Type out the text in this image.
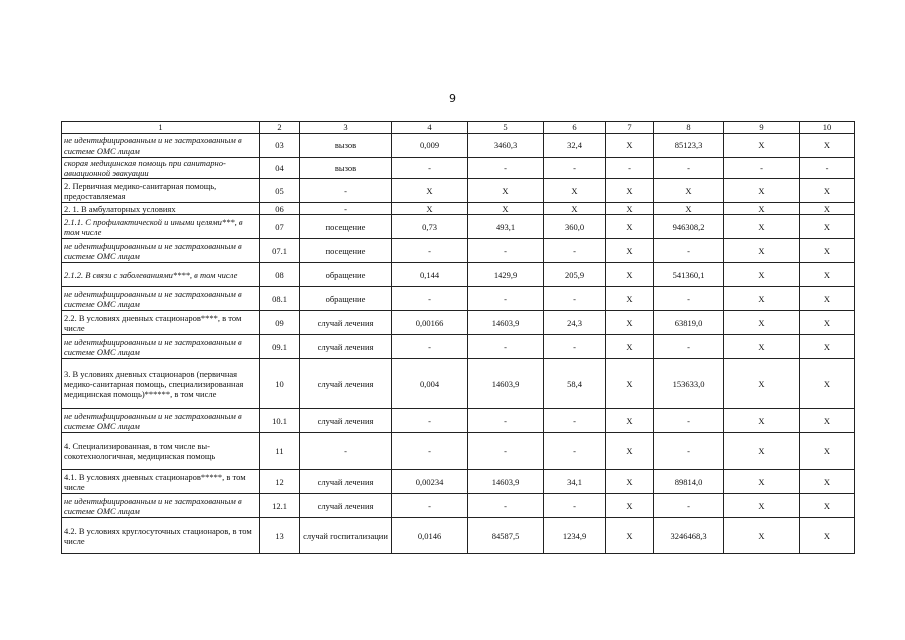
9
1	2	3	4	5	6	7	8	9	10
не идентифицированным и не застрахованным в системе ОМС лицам	03	вызов	0,009	3460,3	32,4	X	85123,3	X	X
скорая медицинская помощь при санитарно-авиационной эвакуации	04	вызов	-	-	-	-	-	-	-
2. Первичная медико-санитарная помощь, предоставляемая	05	-	X	X	X	X	X	X	X
2. 1. В амбулаторных условиях	06	-	X	X	X	X	X	X	X
2.1.1. С профилактической и иными целями***, в том числе	07	посещение	0,73	493,1	360,0	X	946308,2	X	X
не идентифицированным и не застрахованным в системе ОМС лицам	07.1	посещение	-	-	-	X	-	X	X
2.1.2. В связи с заболеваниями****, в том числе	08	обращение	0,144	1429,9	205,9	X	541360,1	X	X
не идентифицированным и не застрахованным в системе ОМС лицам	08.1	обращение	-	-	-	X	-	X	X
2.2. В условиях дневных стационаров****, в том числе	09	случай лечения	0,00166	14603,9	24,3	X	63819,0	X	X
не идентифицированным и не застрахованным в системе ОМС лицам	09.1	случай лечения	-	-	-	X	-	X	X
3. В условиях дневных стационаров (первичная медико-санитарная помощь, специализированная медицинская помощь)******, в том числе	10	случай лечения	0,004	14603,9	58,4	X	153633,0	X	X
не идентифицированным и не застрахованным в системе ОМС лицам	10.1	случай лечения	-	-	-	X	-	X	X
4. Специализированная, в том числе высокотехнологичная, медицинская помощь	11	-	-	-	-	X	-	X	X
4.1. В условиях дневных стационаров*****, в том числе	12	случай лечения	0,00234	14603,9	34,1	X	89814,0	X	X
не идентифицированным и не застрахованным в системе ОМС лицам	12.1	случай лечения	-	-	-	X	-	X	X
4.2. В условиях круглосуточных стационаров, в том числе	13	случай госпитализации	0,0146	84587,5	1234,9	X	3246468,3	X	X
